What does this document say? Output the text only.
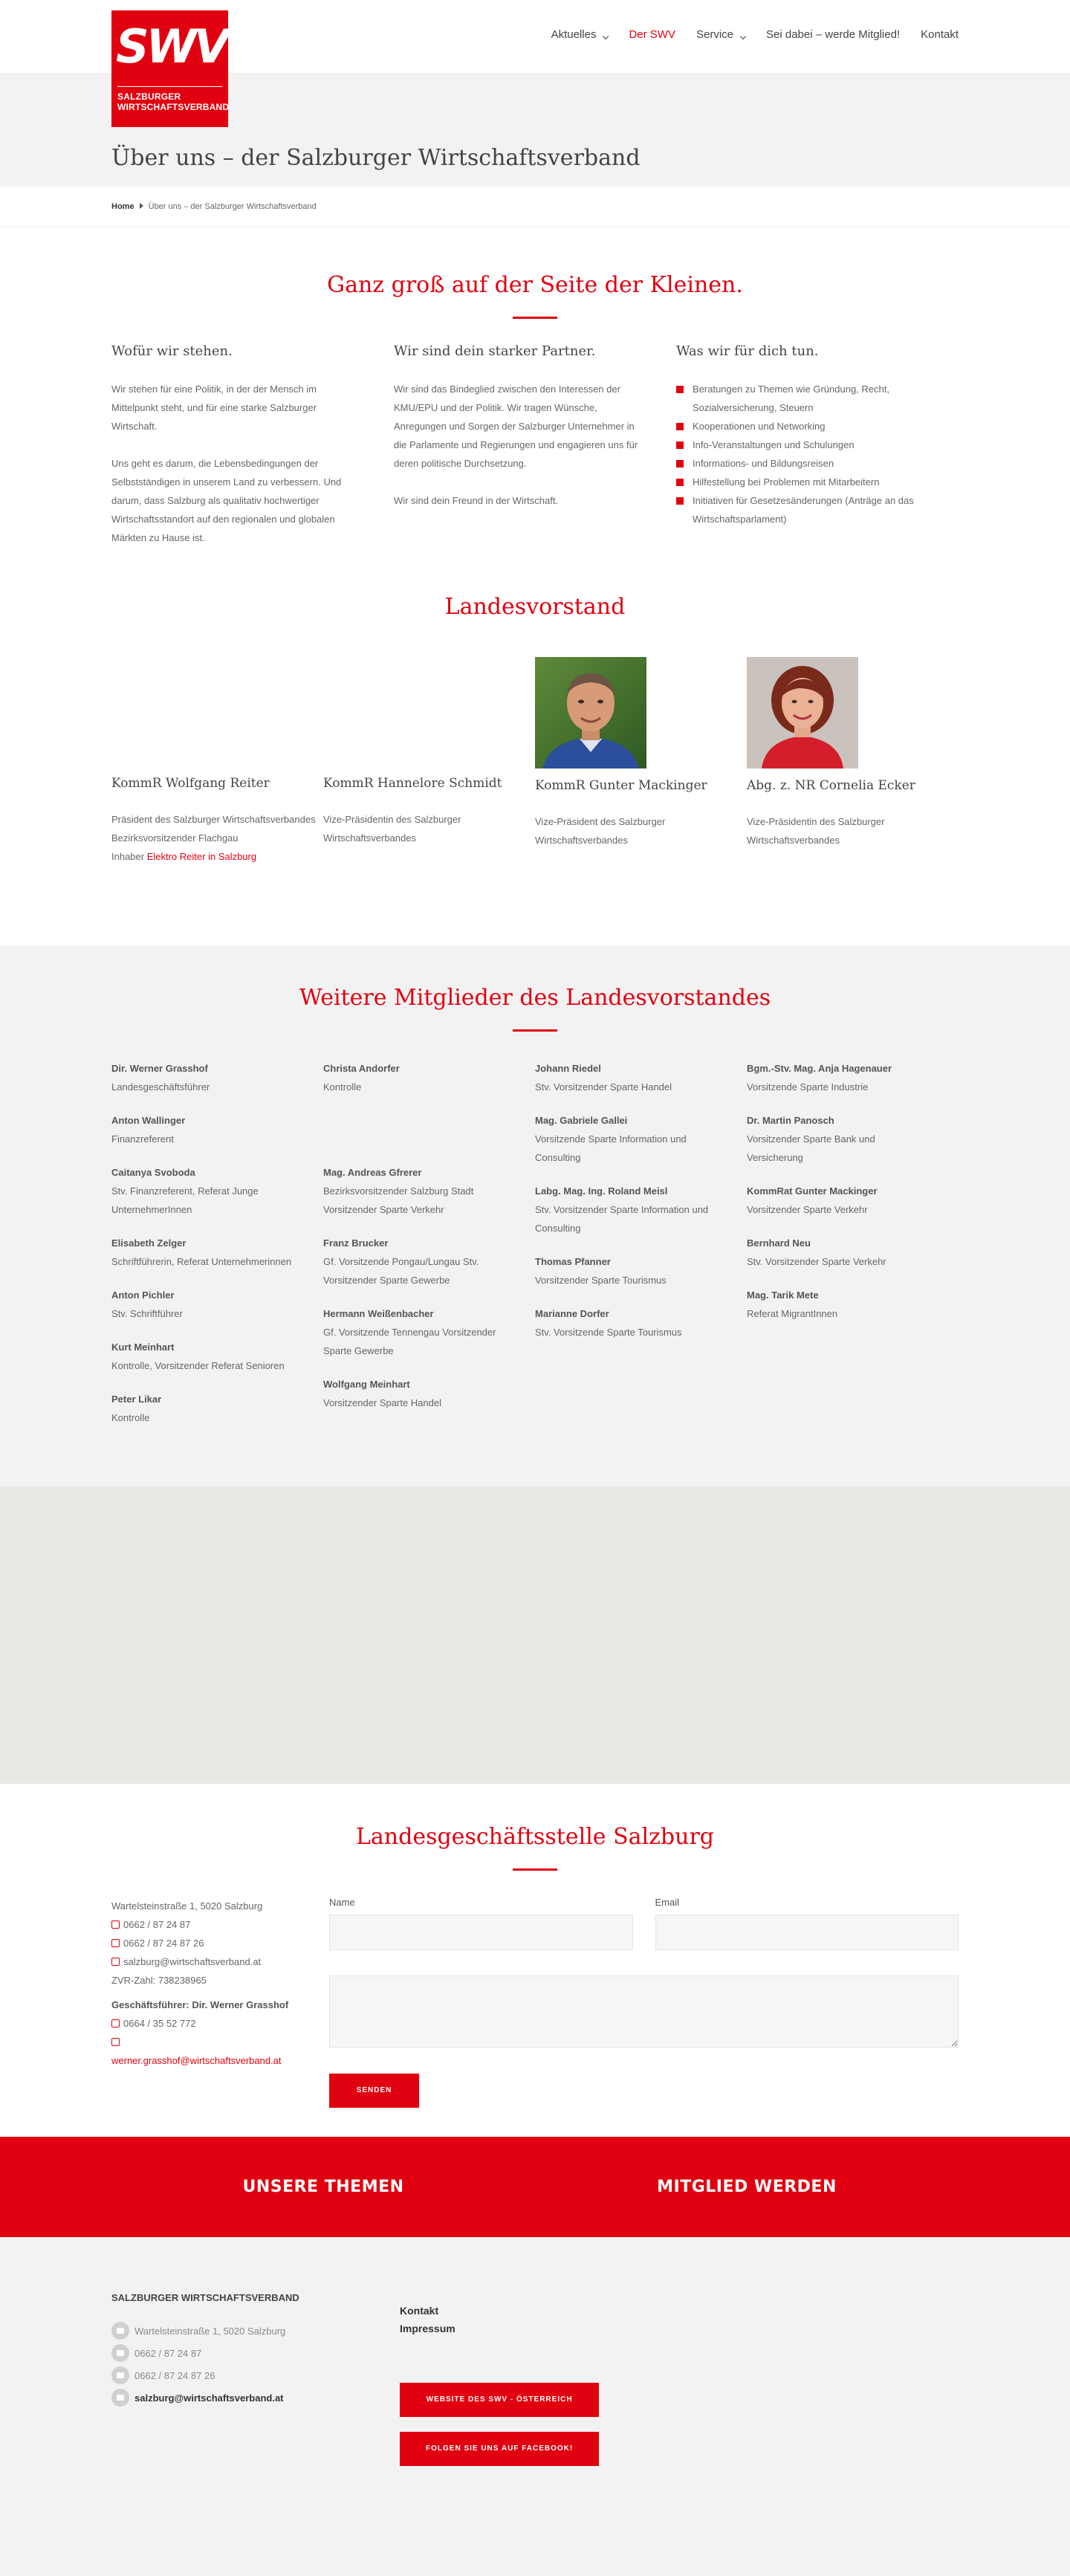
SWV
SALZBURGER
WIRTSCHAFTSVERBAND
Aktuelles	Der SWV Service	Sei dabei – werde Mitglied! Kontakt
Über uns – der Salzburger Wirtschaftsverband
Home Über uns – der Salzburger Wirtschaftsverband
Ganz groß auf der Seite der Kleinen.
Wofür wir stehen.

Wir stehen für eine Politik, in der der Mensch im Mittelpunkt steht, und für eine starke Salzburger Wirtschaft.

Uns geht es darum, die Lebensbedingungen der Selbstständigen in unserem Land zu verbessern. Und darum, dass Salzburg als qualitativ hochwertiger Wirtschaftsstandort auf den regionalen und globalen Märkten zu Hause ist.

Wir sind dein starker Partner.

Wir sind das Bindeglied zwischen den Interessen der KMU/EPU und der Politik. Wir tragen Wünsche, Anregungen und Sorgen der Salzburger Unternehmer in die Parlamente und Regierungen und engagieren uns für deren politische Durchsetzung.

Wir sind dein Freund in der Wirtschaft.

Was wir für dich tun.
Beratungen zu Themen wie Gründung, Recht, Sozialversicherung, Steuern
Kooperationen und Networking
Info-Veranstaltungen und Schulungen
Informations- und Bildungsreisen
Hilfestellung bei Problemen mit Mitarbeitern
Initiativen für Gesetzesänderungen (Anträge an das Wirtschaftsparlament)
Landesvorstand
KommR Wolfgang Reiter

Präsident des Salzburger Wirtschaftsverbandes
Bezirksvorsitzender Flachgau
Inhaber Elektro Reiter in Salzburg

KommR Hannelore Schmidt

Vize-Präsidentin des Salzburger Wirtschaftsverbandes

KommR Gunter Mackinger

Vize-Präsident des Salzburger Wirtschaftsverbandes

Abg. z. NR Cornelia Ecker

Vize-Präsidentin des Salzburger Wirtschaftsverbandes

Weitere Mitglieder des Landesvorstandes
Dir. Werner Grasshof
Landesgeschäftsführer
Anton Wallinger
Finanzreferent
Caitanya Svoboda
Stv. Finanzreferent, Referat Junge UnternehmerInnen
Elisabeth Zelger
Schriftführerin, Referat Unternehmerinnen
Anton Pichler
Stv. Schriftführer
Kurt Meinhart
Kontrolle, Vorsitzender Referat Senioren
Peter Likar
Kontrolle
Christa Andorfer
Kontrolle
Mag. Andreas Gfrerer
Bezirksvorsitzender Salzburg Stadt Vorsitzender Sparte Verkehr
Franz Brucker
Gf. Vorsitzende Pongau/Lungau Stv. Vorsitzender Sparte Gewerbe
Hermann Weißenbacher
Gf. Vorsitzende Tennengau Vorsitzender Sparte Gewerbe
Wolfgang Meinhart
Vorsitzender Sparte Handel
Johann Riedel
Stv. Vorsitzender Sparte Handel
Mag. Gabriele Gallei
Vorsitzende Sparte Information und Consulting
Labg. Mag. Ing. Roland Meisl
Stv. Vorsitzender Sparte Information und Consulting
Thomas Pfanner
Vorsitzender Sparte Tourismus
Marianne Dorfer
Stv. Vorsitzende Sparte Tourismus
Bgm.-Stv. Mag. Anja Hagenauer
Vorsitzende Sparte Industrie
Dr. Martin Panosch
Vorsitzender Sparte Bank und Versicherung
KommRat Gunter Mackinger
Vorsitzender Sparte Verkehr
Bernhard Neu
Stv. Vorsitzender Sparte Verkehr
Mag. Tarik Mete
Referat MigrantInnen
Landesgeschäftsstelle Salzburg
Wartelsteinstraße 1, 5020 Salzburg
0662 / 87 24 87
0662 / 87 24 87 26
salzburg@wirtschaftsverband.at
ZVR-Zahl: 738238965
Geschäftsführer: Dir. Werner Grasshof
0664 / 35 52 772
werner.grasshof@wirtschaftsverband.at
Name	Email
SENDEN
UNSERE THEMEN	MITGLIED WERDEN
SALZBURGER WIRTSCHAFTSVERBAND
Wartelsteinstraße 1, 5020 Salzburg
0662 / 87 24 87
0662 / 87 24 87 26
salzburg@wirtschaftsverband.at
Kontakt
Impressum
WEBSITE DES SWV - ÖSTERREICH
FOLGEN SIE UNS AUF FACEBOOK!
